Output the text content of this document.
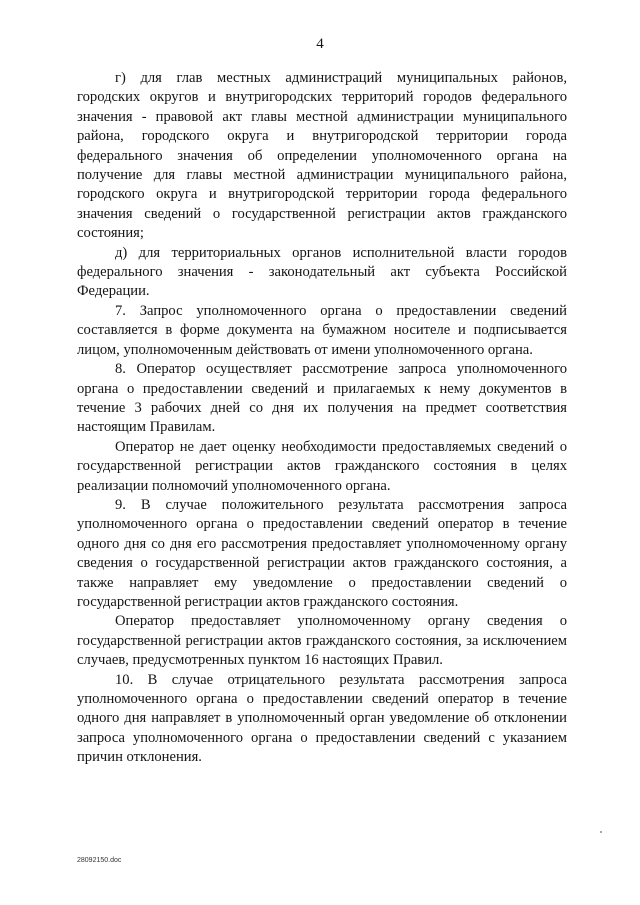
4

г) для глав местных администраций муниципальных районов, городских округов и внутригородских территорий городов федерального значения - правовой акт главы местной администрации муниципального района, городского округа и внутригородской территории города федерального значения об определении уполномоченного органа на получение для главы местной администрации муниципального района, городского округа и внутригородской территории города федерального значения сведений о государственной регистрации актов гражданского состояния;

д) для территориальных органов исполнительной власти городов федерального значения - законодательный акт субъекта Российской Федерации.

7. Запрос уполномоченного органа о предоставлении сведений составляется в форме документа на бумажном носителе и подписывается лицом, уполномоченным действовать от имени уполномоченного органа.

8. Оператор осуществляет рассмотрение запроса уполномоченного органа о предоставлении сведений и прилагаемых к нему документов в течение 3 рабочих дней со дня их получения на предмет соответствия настоящим Правилам.

Оператор не дает оценку необходимости предоставляемых сведений о государственной регистрации актов гражданского состояния в целях реализации полномочий уполномоченного органа.

9. В случае положительного результата рассмотрения запроса уполномоченного органа о предоставлении сведений оператор в течение одного дня со дня его рассмотрения предоставляет уполномоченному органу сведения о государственной регистрации актов гражданского состояния, а также направляет ему уведомление о предоставлении сведений о государственной регистрации актов гражданского состояния.

Оператор предоставляет уполномоченному органу сведения о государственной регистрации актов гражданского состояния, за исключением случаев, предусмотренных пунктом 16 настоящих Правил.

10. В случае отрицательного результата рассмотрения запроса уполномоченного органа о предоставлении сведений оператор в течение одного дня направляет в уполномоченный орган уведомление об отклонении запроса уполномоченного органа о предоставлении сведений с указанием причин отклонения.

28092150.doc
